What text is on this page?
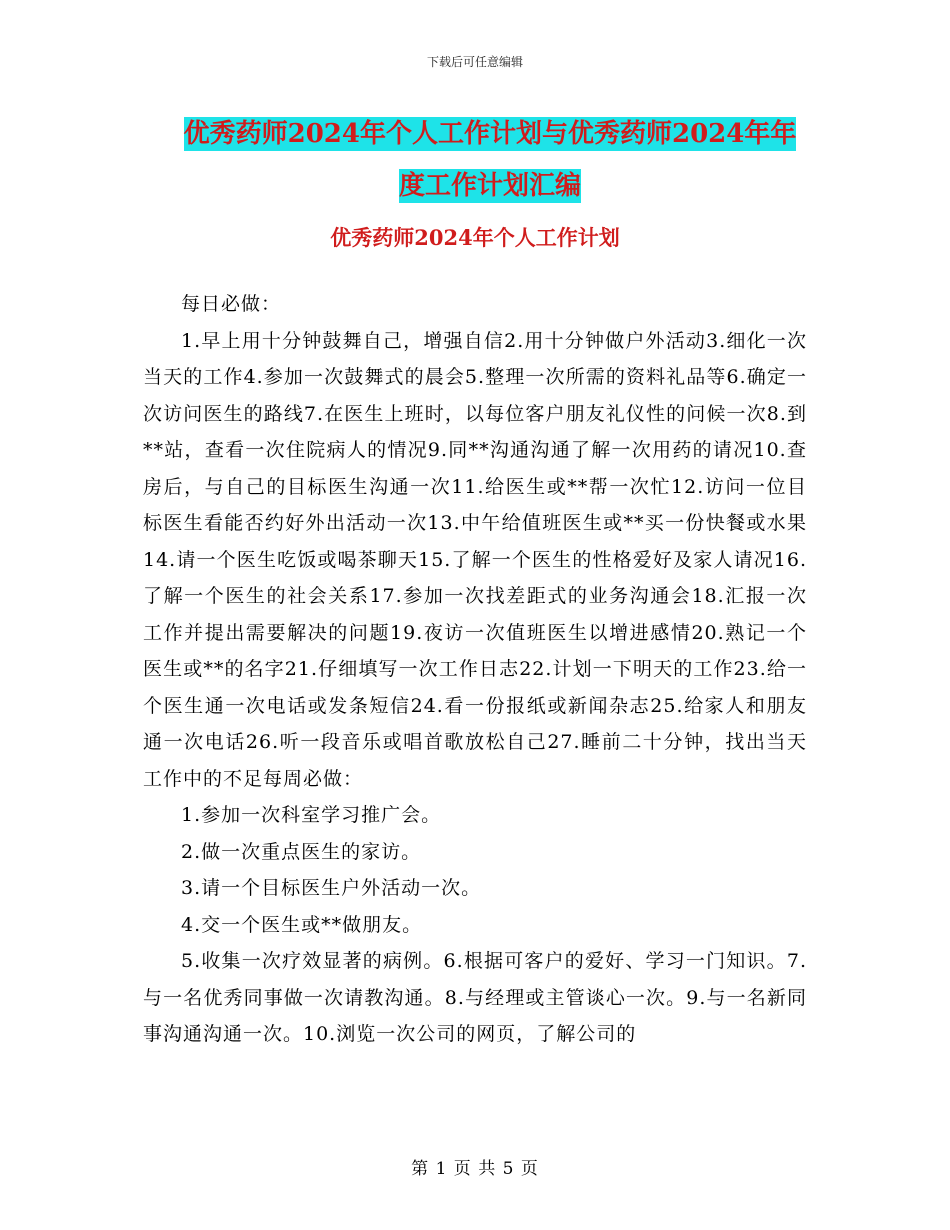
下载后可任意编辑
优秀药师2024年个人工作计划与优秀药师2024年年
度工作计划汇编
优秀药师2024年个人工作计划

每日必做：

1.早上用十分钟鼓舞自己，增强自信2.用十分钟做户外活动3.细化一次当天的工作4.参加一次鼓舞式的晨会5.整理一次所需的资料礼品等6.确定一次访问医生的路线7.在医生上班时，以每位客户朋友礼仪性的问候一次8.到**站，查看一次住院病人的情况9.同**沟通沟通了解一次用药的请况10.查房后，与自己的目标医生沟通一次11.给医生或**帮一次忙12.访问一位目标医生看能否约好外出活动一次13.中午给值班医生或**买一份快餐或水果14.请一个医生吃饭或喝茶聊天15.了解一个医生的性格爱好及家人请况16.了解一个医生的社会关系17.参加一次找差距式的业务沟通会18.汇报一次工作并提出需要解决的问题19.夜访一次值班医生以增进感情20.熟记一个医生或**的名字21.仔细填写一次工作日志22.计划一下明天的工作23.给一个医生通一次电话或发条短信24.看一份报纸或新闻杂志25.给家人和朋友通一次电话26.听一段音乐或唱首歌放松自己27.睡前二十分钟，找出当天工作中的不足每周必做：

1.参加一次科室学习推广会。

2.做一次重点医生的家访。

3.请一个目标医生户外活动一次。

4.交一个医生或**做朋友。

5.收集一次疗效显著的病例。6.根据可客户的爱好、学习一门知识。7.与一名优秀同事做一次请教沟通。8.与经理或主管谈心一次。9.与一名新同事沟通沟通一次。10.浏览一次公司的网页，了解公司的

第 1 页 共 5 页
